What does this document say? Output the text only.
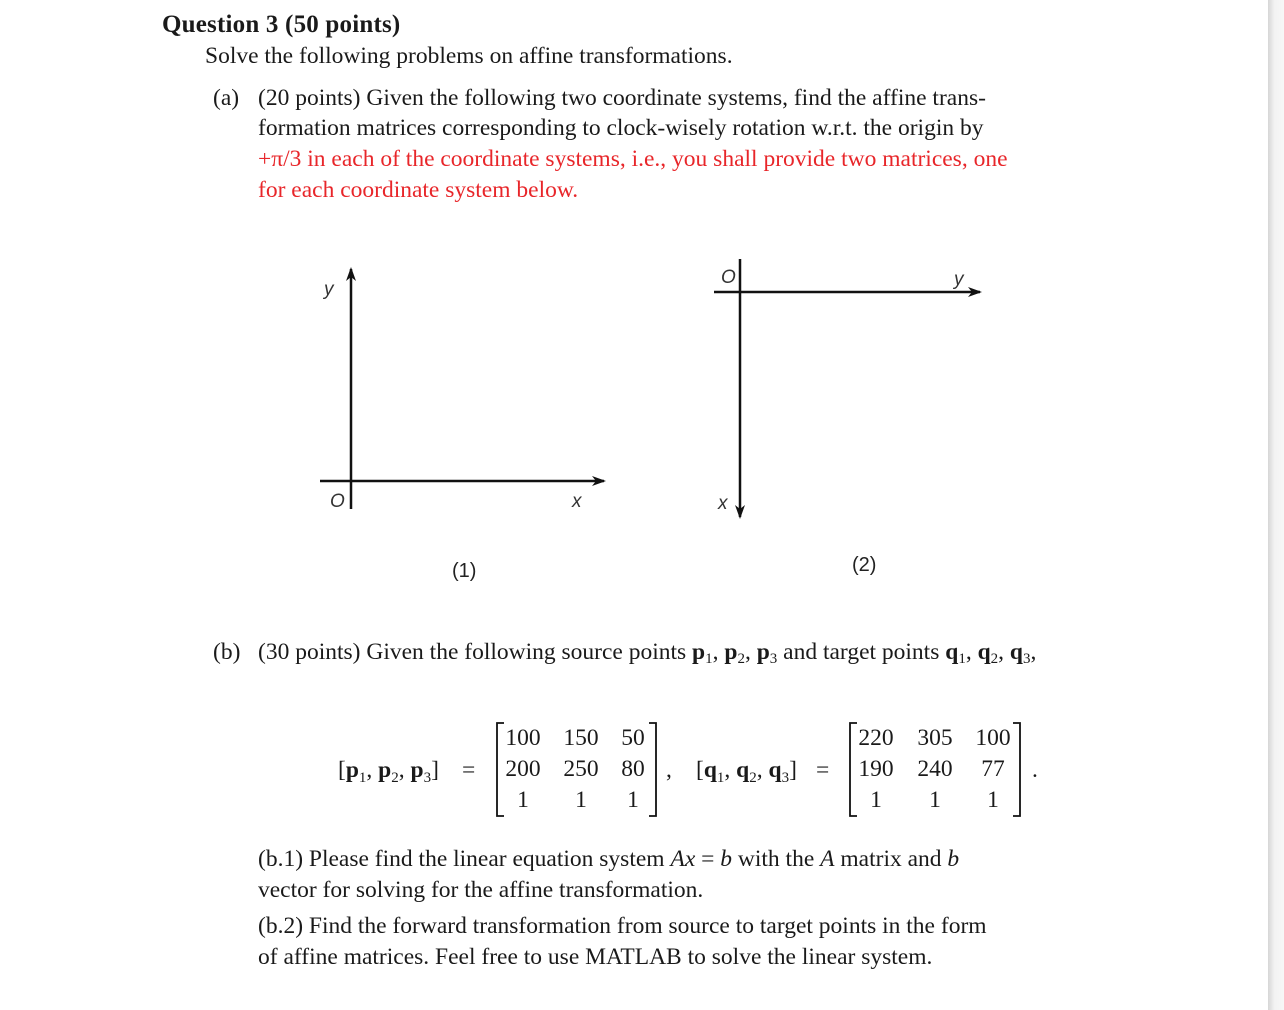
Question 3 (50 points)
Solve the following problems on affine transformations.
(a) (20 points) Given the following two coordinate systems, find the affine trans-
formation matrices corresponding to clock-wisely rotation w.r.t. the origin by
+π/3 in each of the coordinate systems, i.e., you shall provide two matrices, one
for each coordinate system below.
y
O	x
(1)
O	y
x
(2)
(b) (30 points) Given the following source points $p_1$, $p_2$, $p_3$ and target points $q_1$, $q_2$, $q_3$,
[$p_1$, $p_2$, $p_3$] =
100 150 50
200 250 80
1 1 1
, [$q_1$, $q_2$, $q_3$] =
220 305 100
190 240 77
1 1 1
.
(b.1) Please find the linear equation system Ax = b with the A matrix and b
vector for solving for the affine transformation.
(b.2) Find the forward transformation from source to target points in the form
of affine matrices. Feel free to use MATLAB to solve the linear system.
